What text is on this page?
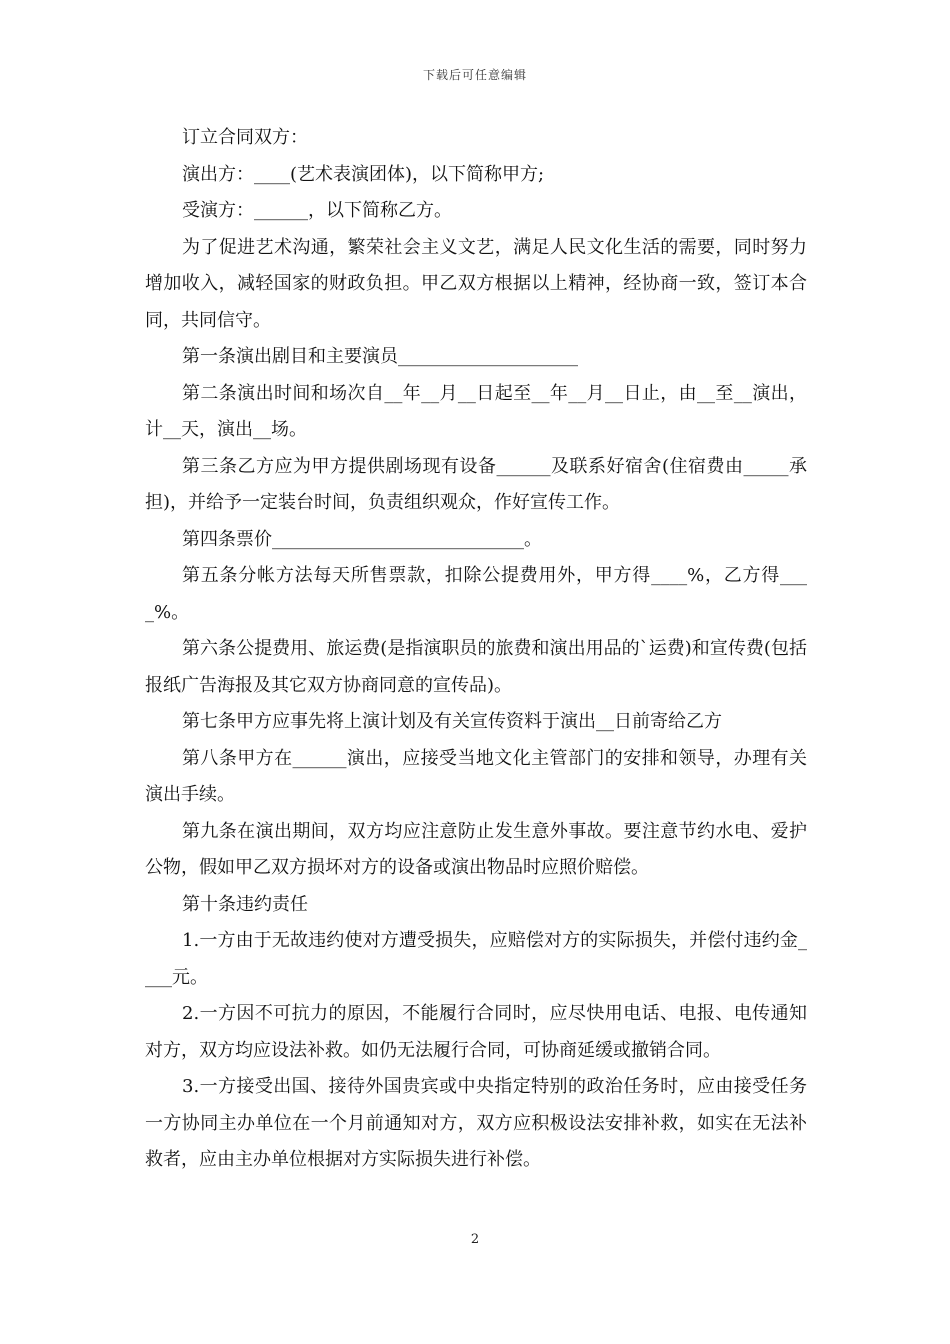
下载后可任意编辑

订立合同双方：

演出方：____(艺术表演团体)，以下简称甲方;

受演方：______，以下简称乙方。

为了促进艺术沟通，繁荣社会主义文艺，满足人民文化生活的需要，同时努力增加收入，减轻国家的财政负担。甲乙双方根据以上精神，经协商一致，签订本合同，共同信守。

第一条演出剧目和主要演员____________________

第二条演出时间和场次自__年__月__日起至__年__月__日止，由__至__演出，计__天，演出__场。

第三条乙方应为甲方提供剧场现有设备______及联系好宿舍(住宿费由_____承担)，并给予一定装台时间，负责组织观众，作好宣传工作。

第四条票价____________________________。

第五条分帐方法每天所售票款，扣除公提费用外，甲方得____%，乙方得____%。

第六条公提费用、旅运费(是指演职员的旅费和演出用品的`运费)和宣传费(包括报纸广告海报及其它双方协商同意的宣传品)。

第七条甲方应事先将上演计划及有关宣传资料于演出__日前寄给乙方

第八条甲方在______演出，应接受当地文化主管部门的安排和领导，办理有关演出手续。

第九条在演出期间，双方均应注意防止发生意外事故。要注意节约水电、爱护公物，假如甲乙双方损坏对方的设备或演出物品时应照价赔偿。

第十条违约责任

1.一方由于无故违约使对方遭受损失，应赔偿对方的实际损失，并偿付违约金____元。

2.一方因不可抗力的原因，不能履行合同时，应尽快用电话、电报、电传通知对方，双方均应设法补救。如仍无法履行合同，可协商延缓或撤销合同。

3.一方接受出国、接待外国贵宾或中央指定特别的政治任务时，应由接受任务一方协同主办单位在一个月前通知对方，双方应积极设法安排补救，如实在无法补救者，应由主办单位根据对方实际损失进行补偿。

2
